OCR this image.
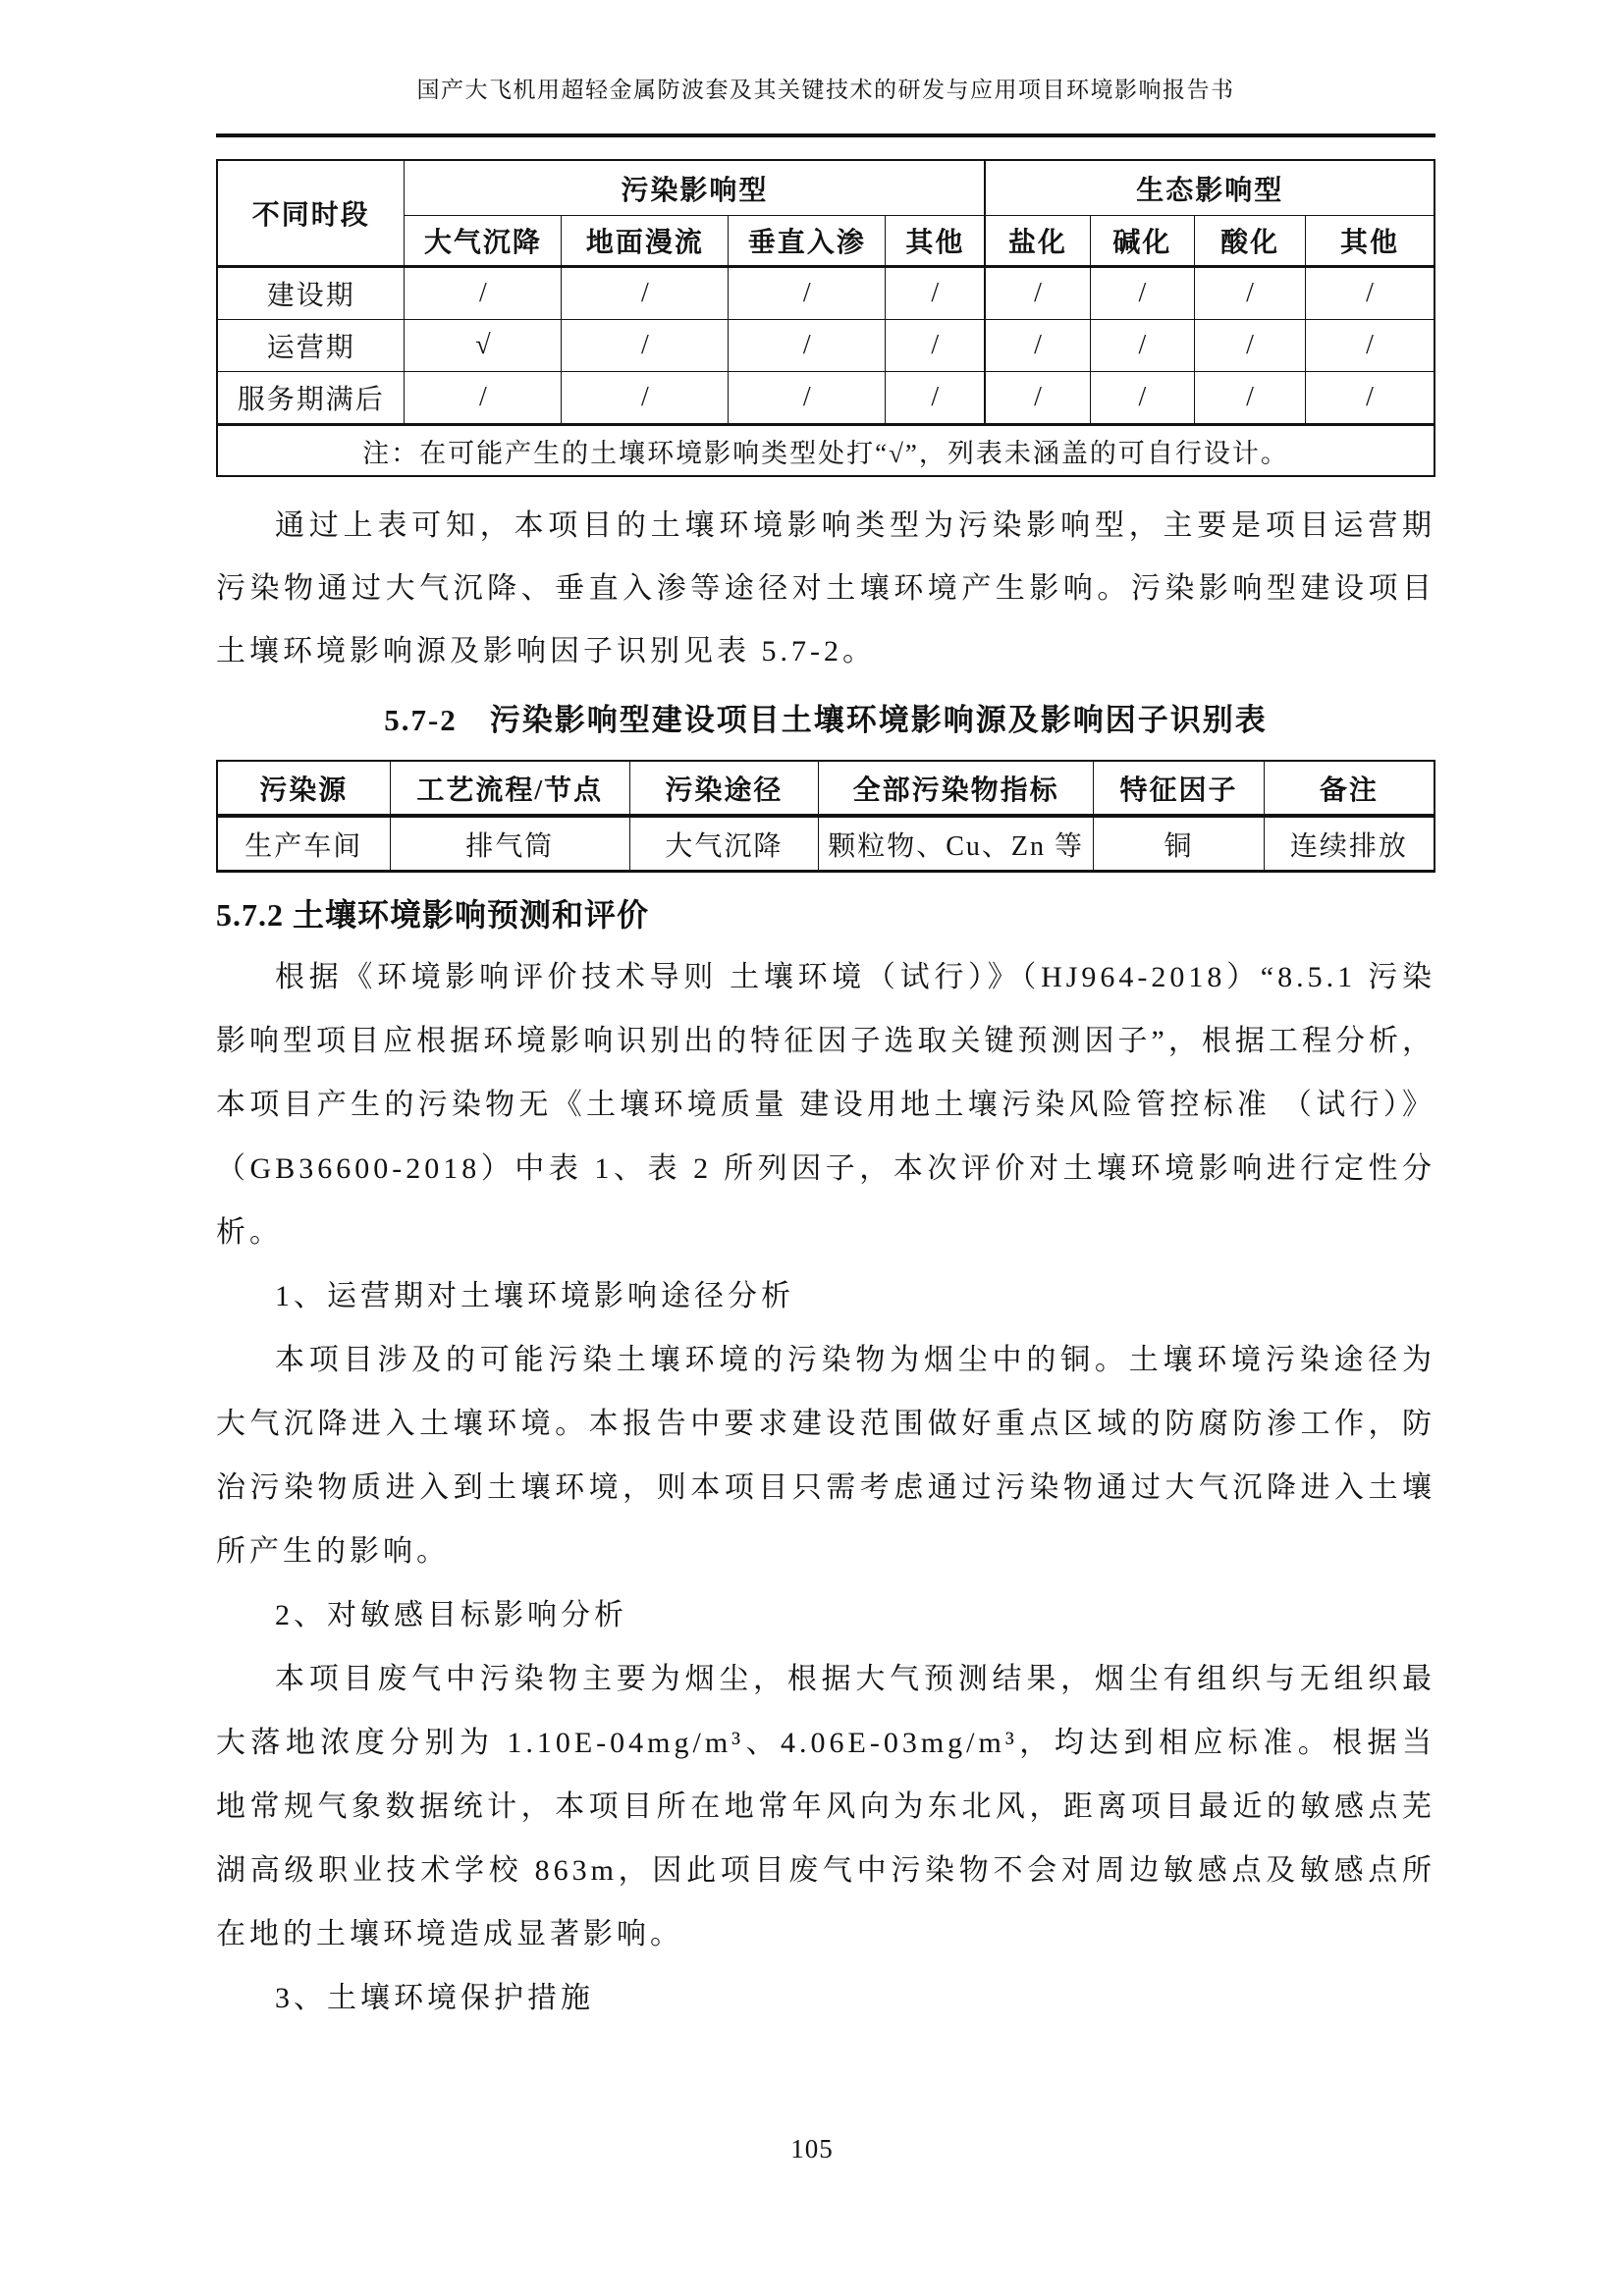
国产大飞机用超轻金属防波套及其关键技术的研发与应用项目环境影响报告书
不同时段	污染影响型				生态影响型			
	大气沉降	地面漫流	垂直入渗	其他	盐化	碱化	酸化	其他
建设期	/	/	/	/	/	/	/	/
运营期	√	/	/	/	/	/	/	/
服务期满后	/	/	/	/	/	/	/	/
注：在可能产生的土壤环境影响类型处打“√”，列表未涵盖的可自行设计。								

通过上表可知，本项目的土壤环境影响类型为污染影响型，主要是项目运营期污染物通过大气沉降、垂直入渗等途径对土壤环境产生影响。污染影响型建设项目土壤环境影响源及影响因子识别见表 5.7-2。

5.7-2　污染影响型建设项目土壤环境影响源及影响因子识别表
污染源	工艺流程/节点	污染途径	全部污染物指标	特征因子	备注
生产车间	排气筒	大气沉降	颗粒物、Cu、Zn 等	铜	连续排放
5.7.2 土壤环境影响预测和评价

根据《环境影响评价技术导则 土壤环境（试行）》（HJ964-2018）“8.5.1 污染影响型项目应根据环境影响识别出的特征因子选取关键预测因子”，根据工程分析，本项目产生的污染物无《土壤环境质量 建设用地土壤污染风险管控标准 （试行）》（GB36600-2018）中表 1、表 2 所列因子，本次评价对土壤环境影响进行定性分析。

1、运营期对土壤环境影响途径分析

本项目涉及的可能污染土壤环境的污染物为烟尘中的铜。土壤环境污染途径为大气沉降进入土壤环境。本报告中要求建设范围做好重点区域的防腐防渗工作，防治污染物质进入到土壤环境，则本项目只需考虑通过污染物通过大气沉降进入土壤所产生的影响。

2、对敏感目标影响分析

本项目废气中污染物主要为烟尘，根据大气预测结果，烟尘有组织与无组织最大落地浓度分别为 1.10E-04mg/m³、4.06E-03mg/m³，均达到相应标准。根据当地常规气象数据统计，本项目所在地常年风向为东北风，距离项目最近的敏感点芜湖高级职业技术学校 863m，因此项目废气中污染物不会对周边敏感点及敏感点所在地的土壤环境造成显著影响。

3、土壤环境保护措施

105
